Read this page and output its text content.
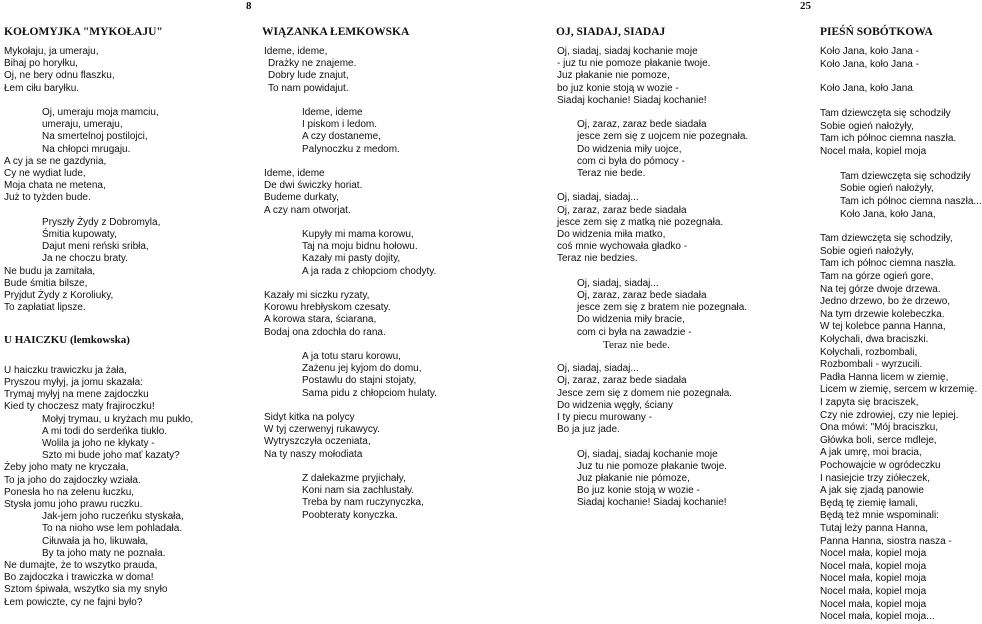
8	25
KOŁOMYJKA "MYKOŁAJU"	WIĄZANKA ŁEMKOWSKA	OJ, SIADAJ, SIADAJ	PIEŚŃ SOBÓTKOWA
Mykołaju, ja umeraju,
Bihaj po horyłku,
Oj, ne bery odnu flaszku,
Łem ciłu baryłku.
Oj, umeraju moja mamciu,
umeraju, umeraju,
Na smertelnoj postilojci,
Na chłopci mrugaju.
A cy ja se ne gazdynia,
Cy ne wydiat lude,
Moja chata ne metena,
Już to tyżden bude.
Pryszły Żydy z Dobromyla,
Śmitia kupowaty,
Dajut meni reński sribła,
Ja ne choczu braty.
Ne budu ja zamitała,
Bude śmitia bilsze,
Pryjdut Żydy z Koroliuky,
To zapłatiat lipsze.
U HAICZKU (lemkowska)
U haiczku trawiczku ja żała,
Pryszou myłyj, ja jomu skazała:
Trymaj myłyj na mene zajdoczku
Kied ty choczesz maty frajiroczku!
Mołyj trymau, u kryżach mu pukło,
A mi todi do serdeńka tiukło.
Wolila ja joho ne kłykaty -
Szto mi bude joho mať kazaty?
Żeby joho maty ne kryczała,
To ja joho do zajdoczky wziała.
Ponesła ho na zełenu łuczku,
Stysła jomu joho prawu ruczku.
Jak-jem joho ruczeńku styskała,
To na nioho wse lem pohladała.
Ciłuwała ja ho, likuwała,
By ta joho maty ne poznała.
Ne dumajte, że to wszytko prauda,
Bo zajdoczka i trawiczka w doma!
Sztom śpiwała, wszytko sia my snyło
Łem powiczte, cy ne fajni było?
Ideme, ideme,
Drażky ne znajeme.
Dobry lude znajut,
To nam powidajut.
Ideme, ideme
I piskom i ledom.
A czy dostaneme,
Palynoczku z medom.
Ideme, ideme
De dwi świczky horiat.
Budeme durkaty,
A czy nam otworjat.
Kupyły mi mama korowu,
Taj na moju bidnu hołowu.
Kazały mi pasty dojity,
A ja rada z chłopciom chodyty.
Kazały mi siczku ryzaty,
Korowu hrebłyskom czesaty.
A korowa stara, ściarana,
Bodaj ona zdochła do rana.
A ja totu staru korowu,
Zażenu jej kyjom do domu,
Postawlu do stajni stojaty,
Sama pidu z chłopciom hulaty.
Sidyt kitka na polycy
W tyj czerwenyj rukawycy.
Wytryszczyła oczeniata,
Na ty naszy mołodiata
Z dałekazme pryjichały,
Koni nam sia zachlustały.
Treba by nam ruczynyczka,
Poobteraty konyczka.
Oj, siadaj, siadaj kochanie moje
- juz tu nie pomoze płakanie twoje.
Juz płakanie nie pomoze,
bo juz konie stoją w wozie -
Siadaj kochanie! Siadaj kochanie!
Oj, zaraz, zaraz bede siadała
jesce zem się z uojcem nie pozegnała.
Do widzenia miły uojce,
com ci była do pómocy -
Teraz nie bede.
Oj, siadaj, siadaj...
Oj, zaraz, zaraz bede siadała
jesce zem się z matką nie pozegnała.
Do widzenia miła matko,
coś mnie wychowała gładko -
Teraz nie bedzies.
Oj, siadaj, siadaj...
Oj, zaraz, zaraz bede siadała
jesce zem się z bratem nie pozegnała.
Do widzenia miły bracie,
com ci była na zawadzie -
Teraz nie bede.
Oj, siadaj, siadaj...
Oj, zaraz, zaraz bede siadała
Jesce zem się z domem nie pozegnała.
Do widzenia węgły, ściany
I ty piecu murowany -
Bo ja juz jade.
Oj, siadaj, siadaj kochanie moje
Juz tu nie pomoze płakanie twoje.
Juz płakanie nie pómoze,
Bo juz konie stoją w wozie -
Siadaj kochanie! Siadaj kochanie!
Koło Jana, koło Jana -
Koło Jana, koło Jana -
Koło Jana, koło Jana
Tam dziewczęta się schodziły
Sobie ogień nałożyły,
Tam ich północ ciemna naszła.
Nocel mała, kopiel moja
Tam dziewczęta się schodziły
Sobie ogień nałożyły,
Tam ich północ ciemna naszła...
Koło Jana, koło Jana,
Tam dziewczęta się schodziły,
Sobie ogień nałożyły,
Tam ich północ ciemna naszła.
Tam na górze ogień gore,
Na tej górze dwoje drzewa.
Jedno drzewo, bo że drzewo,
Na tym drzewie kolebeczka.
W tej kolebce panna Hanna,
Kołychali, dwa braciszki.
Kołychali, rozbombali,
Rozbombali - wyrzucili.
Padła Hanna licem w ziemię,
Licem w ziemię, sercem w krzemię.
I zapyta się braciszek,
Czy nie zdrowiej, czy nie lepiej.
Ona mówi: "Mój braciszku,
Główka boli, serce mdleje,
A jak umrę, moi bracia,
Pochowajcie w ogródeczku
I nasiejcie trzy ziółeczek,
A jak się zjadą panowie
Będą tę ziemię łamali,
Będą też mnie wspominali:
Tutaj leży panna Hanna,
Panna Hanna, siostra nasza -
Nocel mała, kopiel moja
Nocel mała, kopiel moja
Nocel mała, kopiel moja
Nocel mała, kopiel moja
Nocel mała, kopiel moja
Nocel mała, kopiel moja...
